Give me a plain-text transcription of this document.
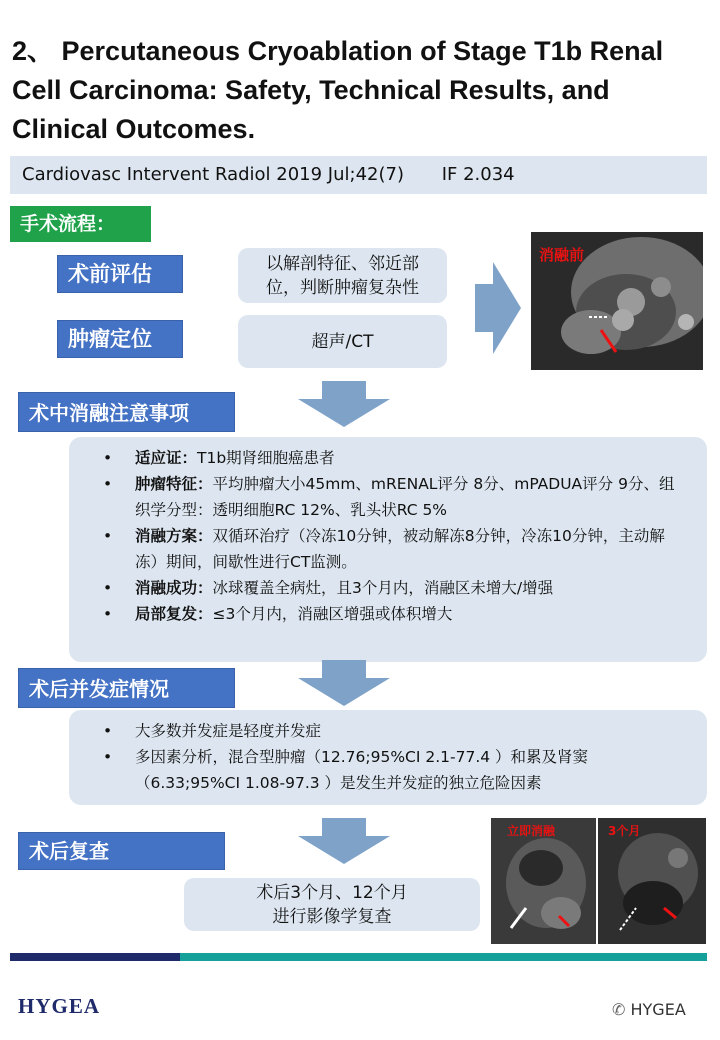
2、 Percutaneous Cryoablation of Stage T1b Renal Cell Carcinoma: Safety, Technical Results, and Clinical Outcomes.
Cardiovasc Intervent Radiol 2019 Jul;42(7) IF 2.034
手术流程：
术前评估	以解剖特征、邻近部位，判断肿瘤复杂性
肿瘤定位	超声/CT
消融前
术中消融注意事项
• 适应证：T1b期肾细胞癌患者
• 肿瘤特征：平均肿瘤大小45mm、mRENAL评分 8分、mPADUA评分 9分、组织学分型：透明细胞RC 12%、乳头状RC 5%
• 消融方案：双循环治疗（冷冻10分钟，被动解冻8分钟，冷冻10分钟，主动解冻）期间，间歇性进行CT监测。
• 消融成功：冰球覆盖全病灶，且3个月内，消融区未增大/增强
• 局部复发：≤3个月内，消融区增强或体积增大
术后并发症情况
• 大多数并发症是轻度并发症
• 多因素分析，混合型肿瘤（12.76;95%CI 2.1-77.4 ）和累及肾窦（6.33;95%CI 1.08-97.3 ）是发生并发症的独立危险因素
术后复查
术后3个月、12个月
进行影像学复查
立即消融	3个月
HYGEA	✆ HYGEA
